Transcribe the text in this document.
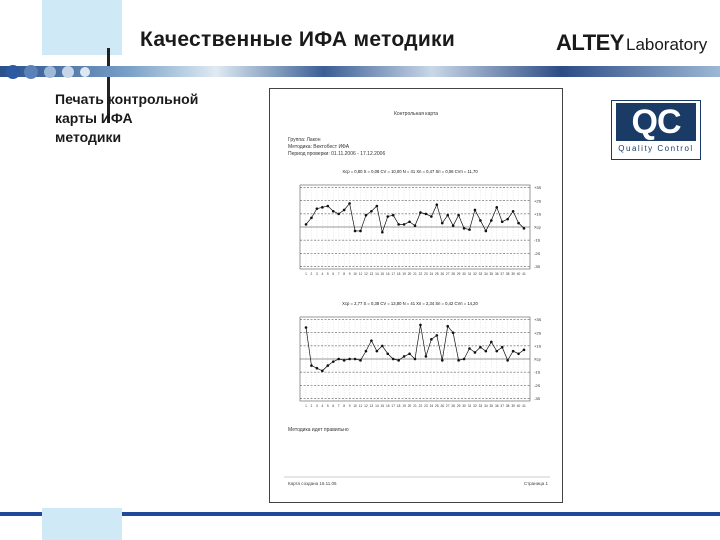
Качественные ИФА методики	ALTEY Laboratory
Печать контрольной
карты ИФА
методики
Контрольная карта
Группа: Лакон
Методика: Вектобест ИФА
Период проверки: 01.11.2006 - 17.12.2006
Xср = 0,80 S = 0,08 CV = 10,00 N = 41 Xп = 0,47 Sп = 0,06 CVп = 11,70
+3S
+2S
+1S
Xср
-1S
-2S
-3S
1 2 3 4 5 6 7 8 9 10 11 12 13 14 15 16 17 18 19 20 21 22 23 24 25 26 27 28 29 30 31 32 33 34 35 36 37 38 39 40 41
Xср = 2,77 S = 0,38 CV = 13,80 N = 41 Xп = 2,34 Sп = 0,42 CVп = 14,20
+3S
+2S
+1S
Xср
-1S
-2S
-3S
1 2 3 4 5 6 7 8 9 10 11 12 13 14 15 16 17 18 19 20 21 22 23 24 25 26 27 28 29 30 31 32 33 34 35 36 37 38 39 40 41
Методика идет правильно
Карта создана 16.11.06	Страница 1
QC
Quality Control
